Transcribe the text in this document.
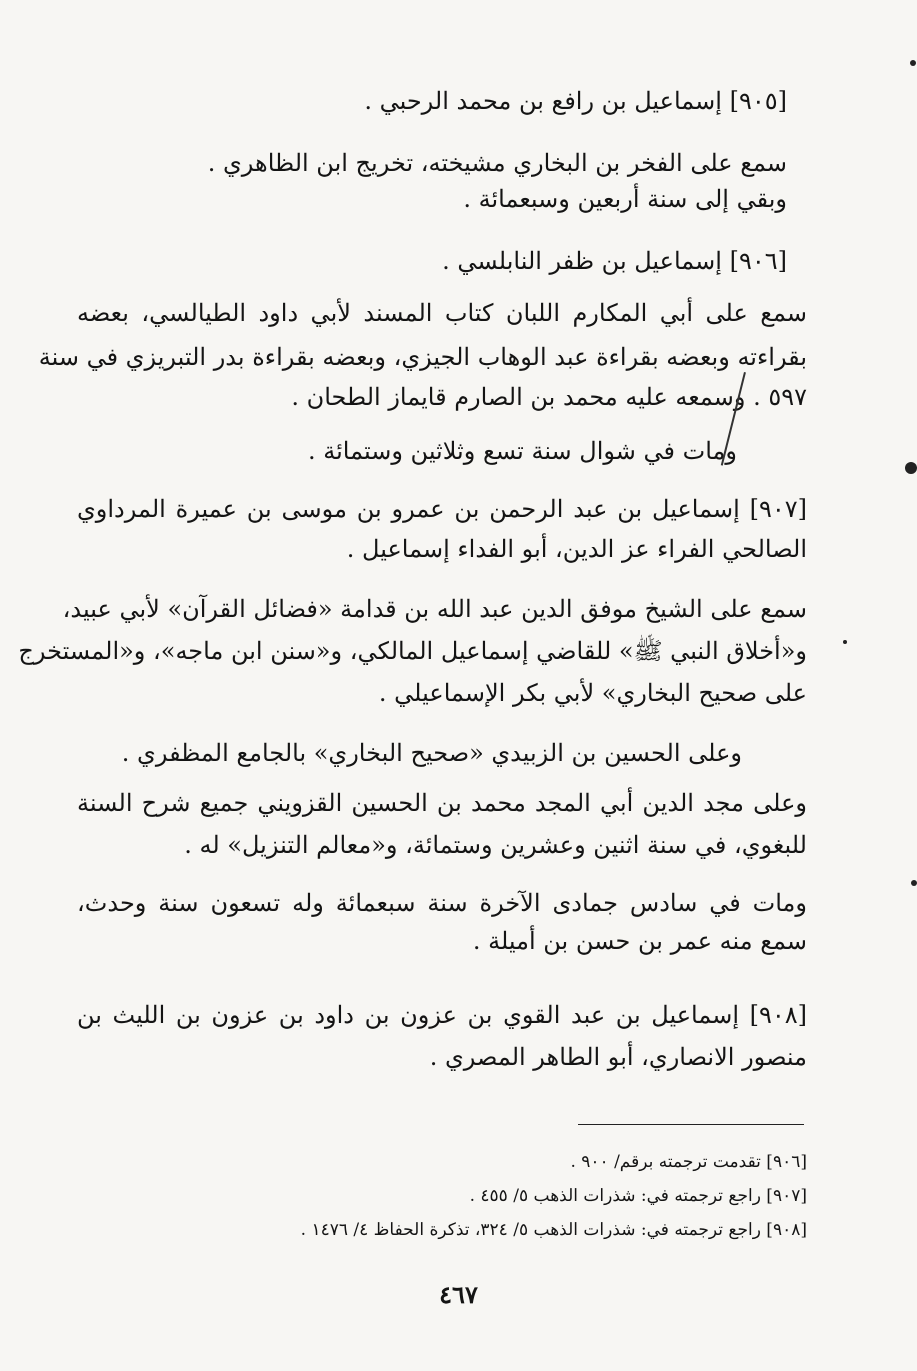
[٩٠٥] إسماعيل بن رافع بن محمد الرحبي .
سمع على الفخر بن البخاري مشيخته، تخريج ابن الظاهري .
وبقي إلى سنة أربعين وسبعمائة .
[٩٠٦] إسماعيل بن ظفر النابلسي .
سمع على أبي المكارم اللبان كتاب المسند لأبي داود الطيالسي، بعضه
بقراءته وبعضه بقراءة عبد الوهاب الجيزي، وبعضه بقراءة بدر التبريزي في سنة
٥٩٧ . وسمعه عليه محمد بن الصارم قايماز الطحان .
ومات في شوال سنة تسع وثلاثين وستمائة .
[٩٠٧] إسماعيل بن عبد الرحمن بن عمرو بن موسى بن عميرة المرداوي
الصالحي الفراء عز الدين، أبو الفداء إسماعيل .
سمع على الشيخ موفق الدين عبد الله بن قدامة «فضائل القرآن» لأبي عبيد،
و«أخلاق النبي ﷺ» للقاضي إسماعيل المالكي، و«سنن ابن ماجه»، و«المستخرج
على صحيح البخاري» لأبي بكر الإسماعيلي .
وعلى الحسين بن الزبيدي «صحيح البخاري» بالجامع المظفري .
وعلى مجد الدين أبي المجد محمد بن الحسين القزويني جميع شرح السنة
للبغوي، في سنة اثنين وعشرين وستمائة، و«معالم التنزيل» له .
ومات في سادس جمادى الآخرة سنة سبعمائة وله تسعون سنة وحدث،
سمع منه عمر بن حسن بن أميلة .
[٩٠٨] إسماعيل بن عبد القوي بن عزون بن داود بن عزون بن الليث بن
منصور الانصاري، أبو الطاهر المصري .
[٩٠٦] تقدمت ترجمته برقم/ ٩٠٠ .
[٩٠٧] راجع ترجمته في: شذرات الذهب ٥/ ٤٥٥ .
[٩٠٨] راجع ترجمته في: شذرات الذهب ٥/ ٣٢٤، تذكرة الحفاظ ٤/ ١٤٧٦ .
٤٦٧
